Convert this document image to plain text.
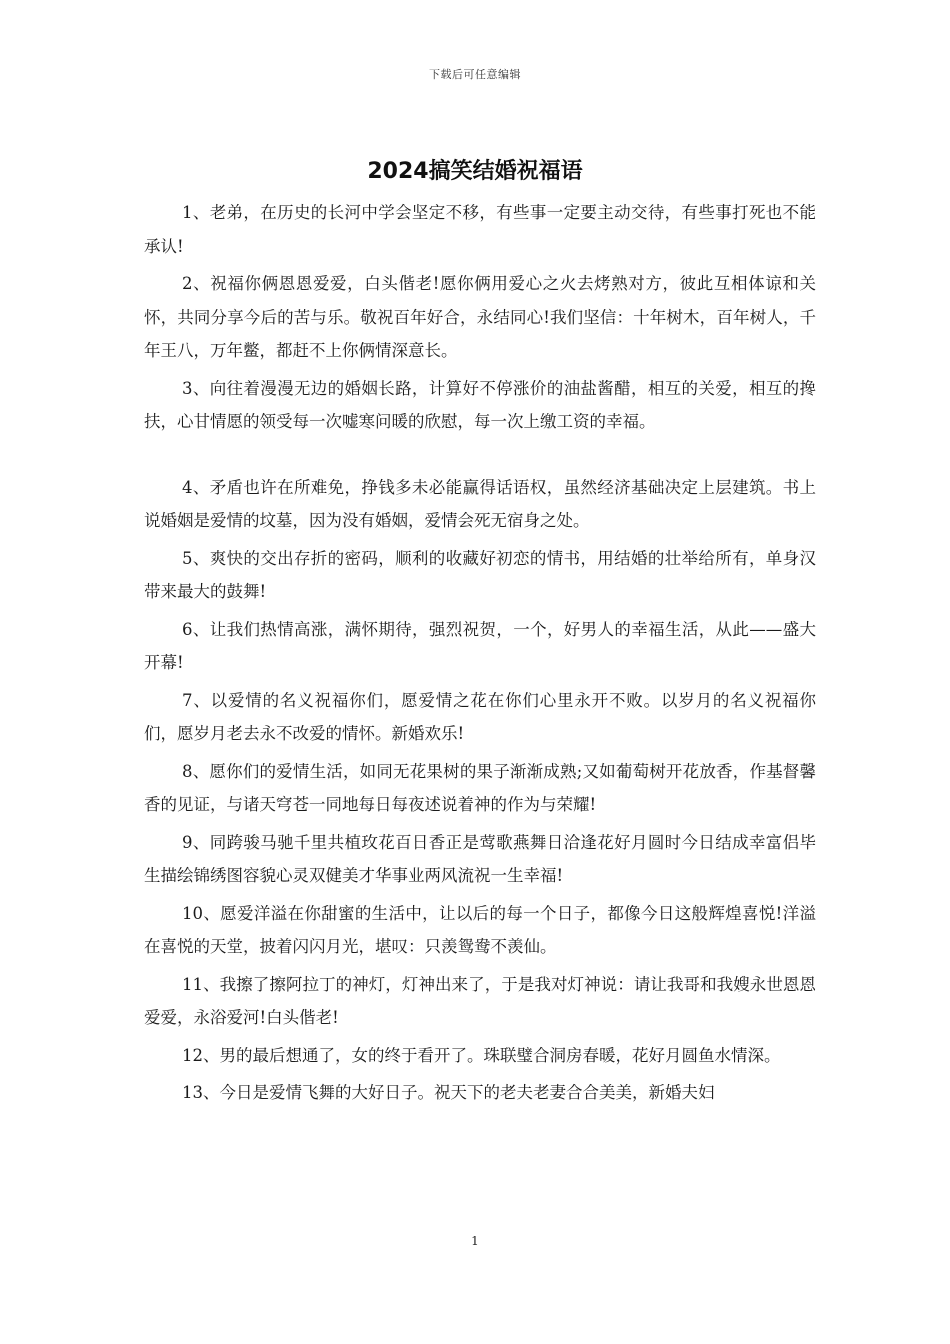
下载后可任意编辑
2024搞笑结婚祝福语

1、老弟，在历史的长河中学会坚定不移，有些事一定要主动交待，有些事打死也不能承认!

2、祝福你俩恩恩爱爱，白头偕老!愿你俩用爱心之火去烤熟对方，彼此互相体谅和关怀，共同分享今后的苦与乐。敬祝百年好合，永结同心!我们坚信：十年树木，百年树人，千年王八，万年鳖，都赶不上你俩情深意长。

3、向往着漫漫无边的婚姻长路，计算好不停涨价的油盐酱醋，相互的关爱，相互的搀扶，心甘情愿的领受每一次嘘寒问暖的欣慰，每一次上缴工资的幸福。

4、矛盾也许在所难免，挣钱多未必能赢得话语权，虽然经济基础决定上层建筑。书上说婚姻是爱情的坟墓，因为没有婚姻，爱情会死无宿身之处。

5、爽快的交出存折的密码，顺利的收藏好初恋的情书，用结婚的壮举给所有，单身汉带来最大的鼓舞!

6、让我们热情高涨，满怀期待，强烈祝贺，一个，好男人的幸福生活，从此——盛大开幕!

7、以爱情的名义祝福你们，愿爱情之花在你们心里永开不败。以岁月的名义祝福你们，愿岁月老去永不改爱的情怀。新婚欢乐!

8、愿你们的爱情生活，如同无花果树的果子渐渐成熟;又如葡萄树开花放香，作基督馨香的见证，与诸天穹苍一同地每日每夜述说着神的作为与荣耀!

9、同跨骏马驰千里共植玫花百日香正是莺歌燕舞日洽逢花好月圆时今日结成幸富侣毕生描绘锦绣图容貌心灵双健美才华事业两风流祝一生幸福!

10、愿爱洋溢在你甜蜜的生活中，让以后的每一个日子，都像今日这般辉煌喜悦!洋溢在喜悦的天堂，披着闪闪月光，堪叹：只羡鸳鸯不羡仙。

11、我擦了擦阿拉丁的神灯，灯神出来了，于是我对灯神说：请让我哥和我嫂永世恩恩爱爱，永浴爱河!白头偕老!

12、男的最后想通了，女的终于看开了。珠联璧合洞房春暖，花好月圆鱼水情深。

13、今日是爱情飞舞的大好日子。祝天下的老夫老妻合合美美，新婚夫妇

1
